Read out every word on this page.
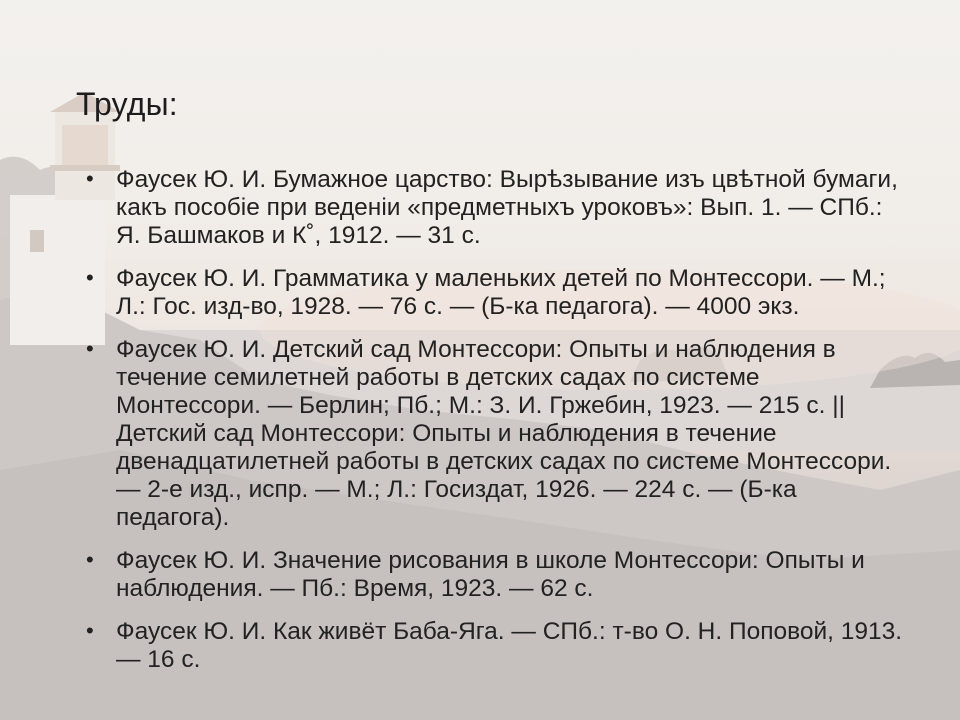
Труды:
• Фаусек Ю. И. Бумажное царство: Вырѣзывание изъ цвѣтной бумаги, какъ пособіе при веденіи «предметныхъ уроковъ»: Вып. 1. — СПб.: Я. Башмаков и К˚, 1912. — 31 с.
• Фаусек Ю. И. Грамматика у маленьких детей по Монтессори. — М.; Л.: Гос. изд-во, 1928. — 76 с. — (Б-ка педагога). — 4000 экз.
• Фаусек Ю. И. Детский сад Монтессори: Опыты и наблюдения в течение семилетней работы в детских садах по системе Монтессори. — Берлин; Пб.; М.: З. И. Гржебин, 1923. — 215 с. || Детский сад Монтессори: Опыты и наблюдения в течение двенадцатилетней работы в детских садах по системе Монтессори. — 2-е изд., испр. — М.; Л.: Госиздат, 1926. — 224 с. — (Б-ка педагога).
• Фаусек Ю. И. Значение рисования в школе Монтессори: Опыты и наблюдения. — Пб.: Время, 1923. — 62 с.
• Фаусек Ю. И. Как живёт Баба-Яга. — СПб.: т-во О. Н. Поповой, 1913. — 16 с.
